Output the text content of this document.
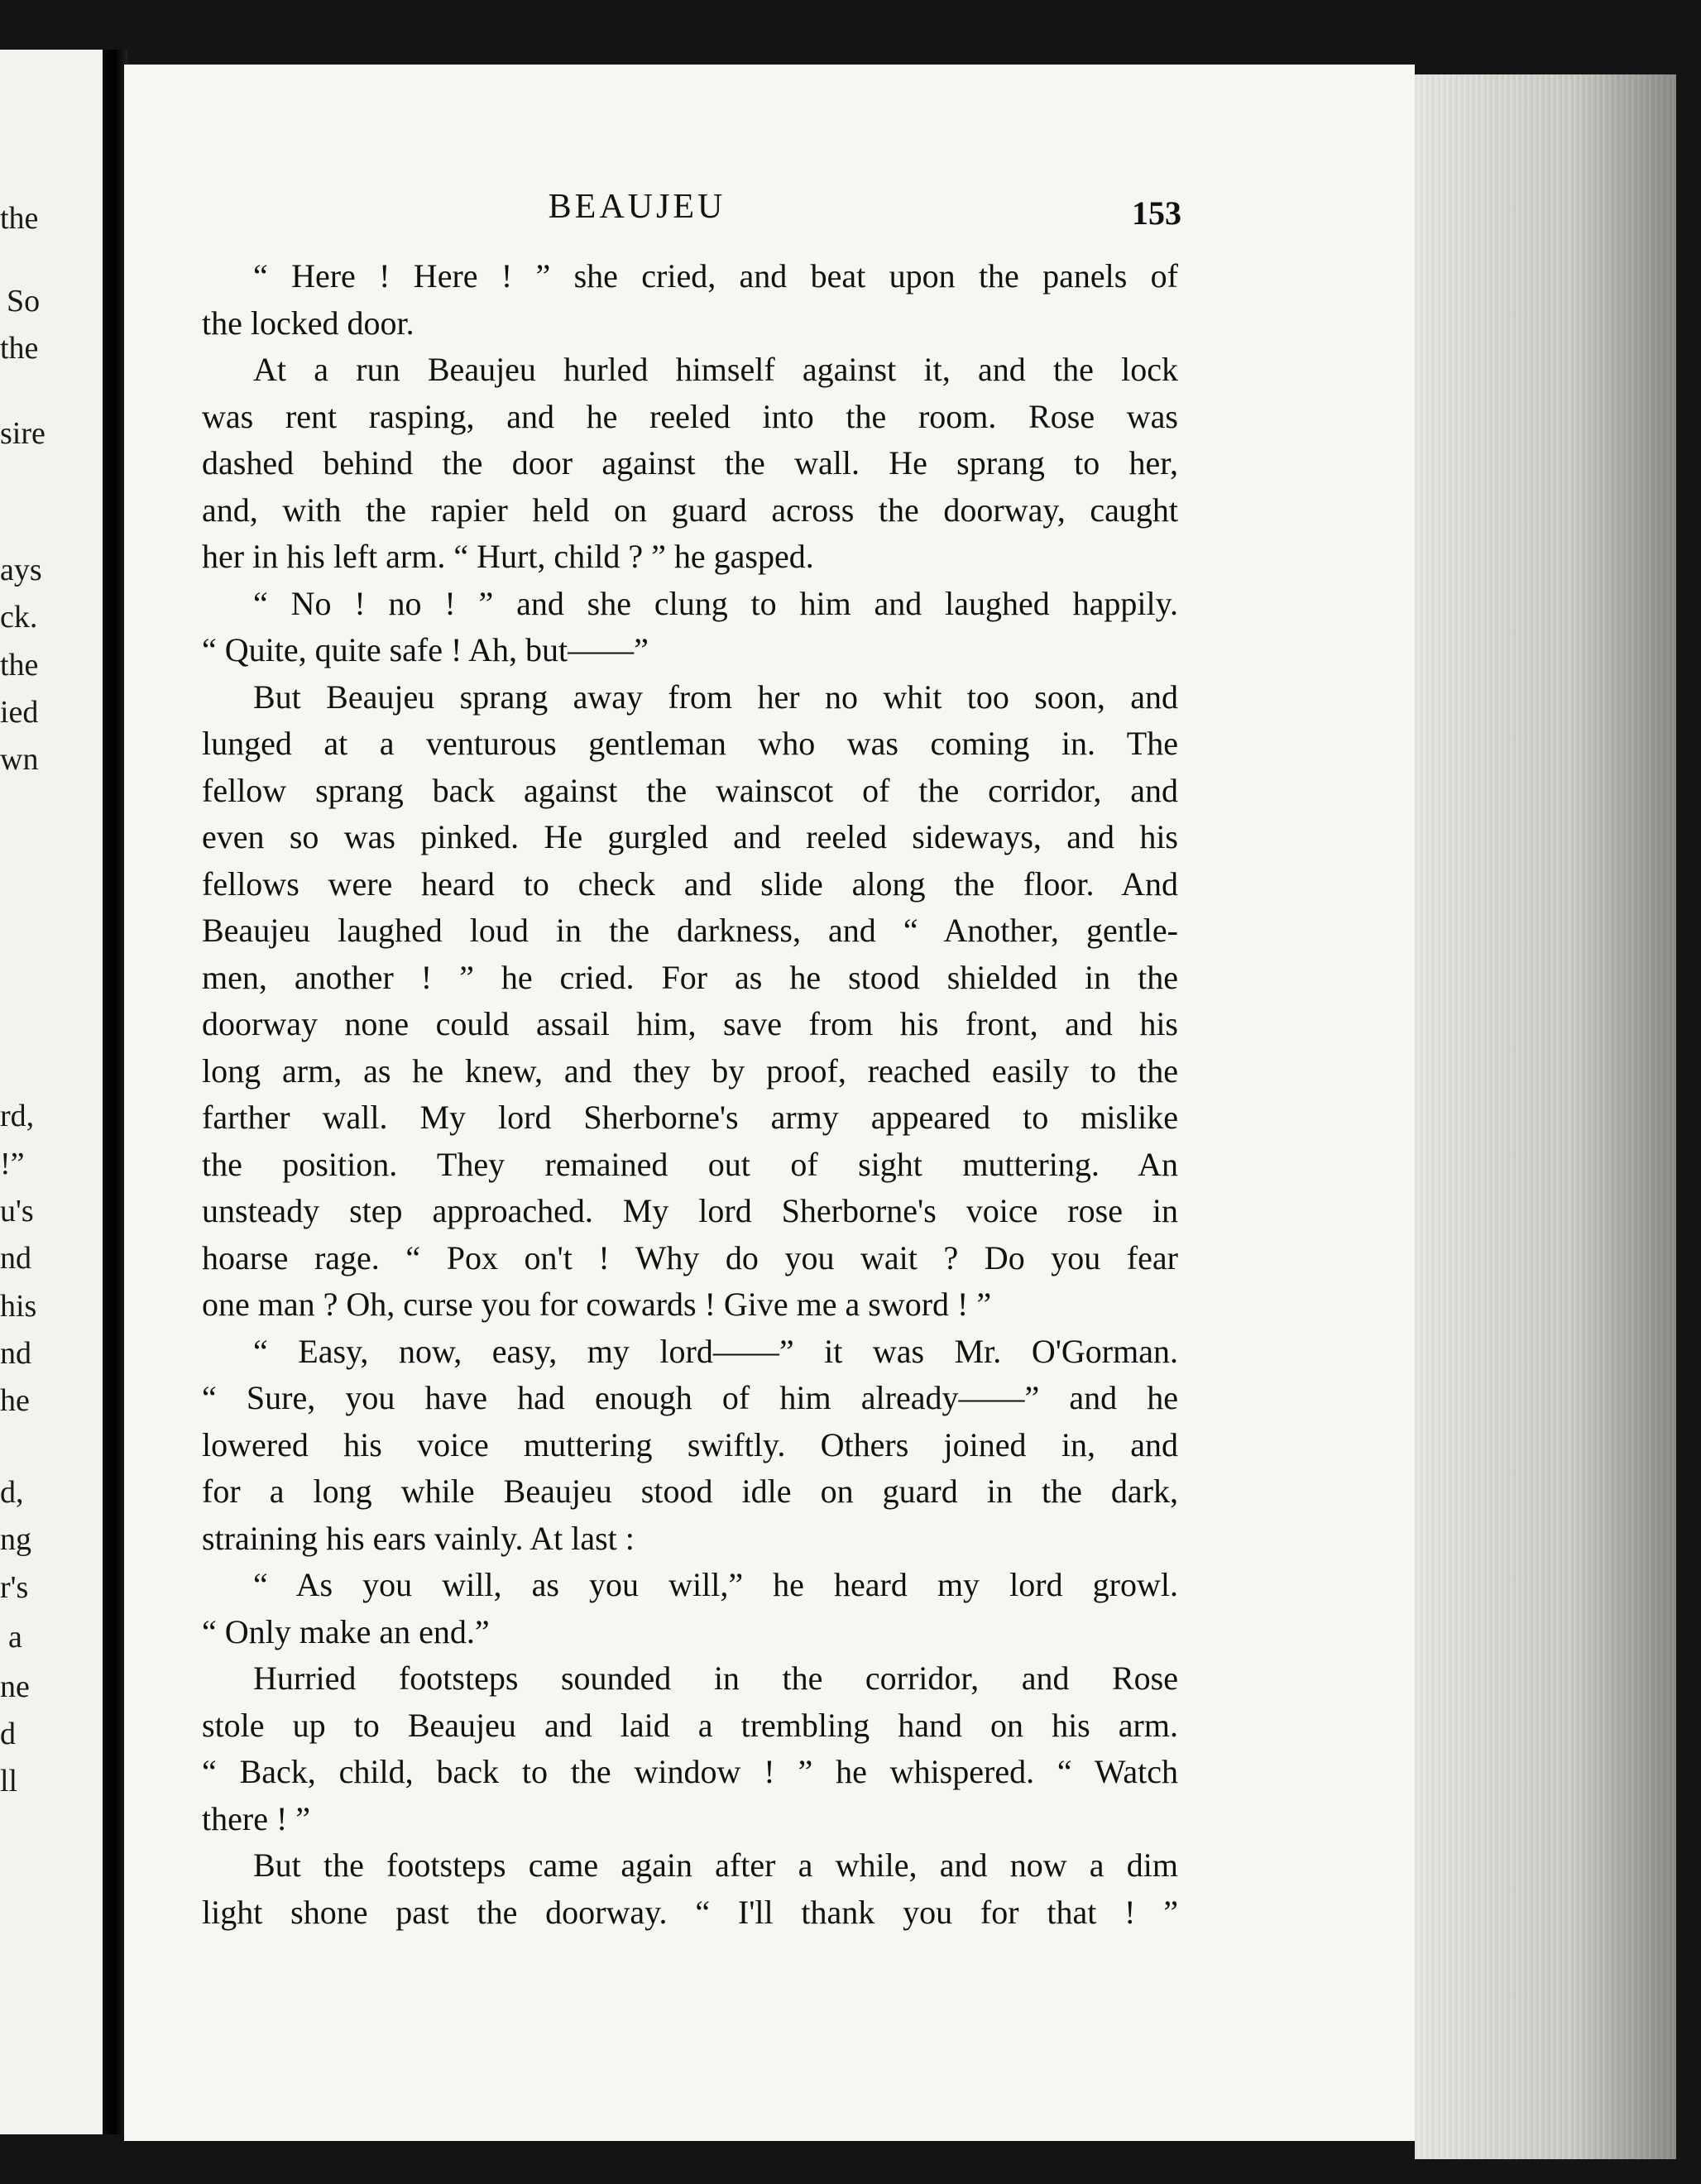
the
So
the
sire
ays
ck.
the
ied
wn
rd,
!”
u's
nd
his
nd
he
d,
ng
r's
a
ne
d
ll
BEAUJEU	153
“ Here ! Here ! ” she cried, and beat upon the panels of
the locked door.
At a run Beaujeu hurled himself against it, and the lock
was rent rasping, and he reeled into the room. Rose was
dashed behind the door against the wall. He sprang to her,
and, with the rapier held on guard across the doorway, caught
her in his left arm. “ Hurt, child ? ” he gasped.
“ No ! no ! ” and she clung to him and laughed happily.
“ Quite, quite safe ! Ah, but——”
But Beaujeu sprang away from her no whit too soon, and
lunged at a venturous gentleman who was coming in. The
fellow sprang back against the wainscot of the corridor, and
even so was pinked. He gurgled and reeled sideways, and his
fellows were heard to check and slide along the floor. And
Beaujeu laughed loud in the darkness, and “ Another, gentle-
men, another ! ” he cried. For as he stood shielded in the
doorway none could assail him, save from his front, and his
long arm, as he knew, and they by proof, reached easily to the
farther wall. My lord Sherborne's army appeared to mislike
the position. They remained out of sight muttering. An
unsteady step approached. My lord Sherborne's voice rose in
hoarse rage. “ Pox on't ! Why do you wait ? Do you fear
one man ? Oh, curse you for cowards ! Give me a sword ! ”
“ Easy, now, easy, my lord——” it was Mr. O'Gorman.
“ Sure, you have had enough of him already——” and he
lowered his voice muttering swiftly. Others joined in, and
for a long while Beaujeu stood idle on guard in the dark,
straining his ears vainly. At last :
“ As you will, as you will,” he heard my lord growl.
“ Only make an end.”
Hurried footsteps sounded in the corridor, and Rose
stole up to Beaujeu and laid a trembling hand on his arm.
“ Back, child, back to the window ! ” he whispered. “ Watch
there ! ”
But the footsteps came again after a while, and now a dim
light shone past the doorway. “ I'll thank you for that ! ”
